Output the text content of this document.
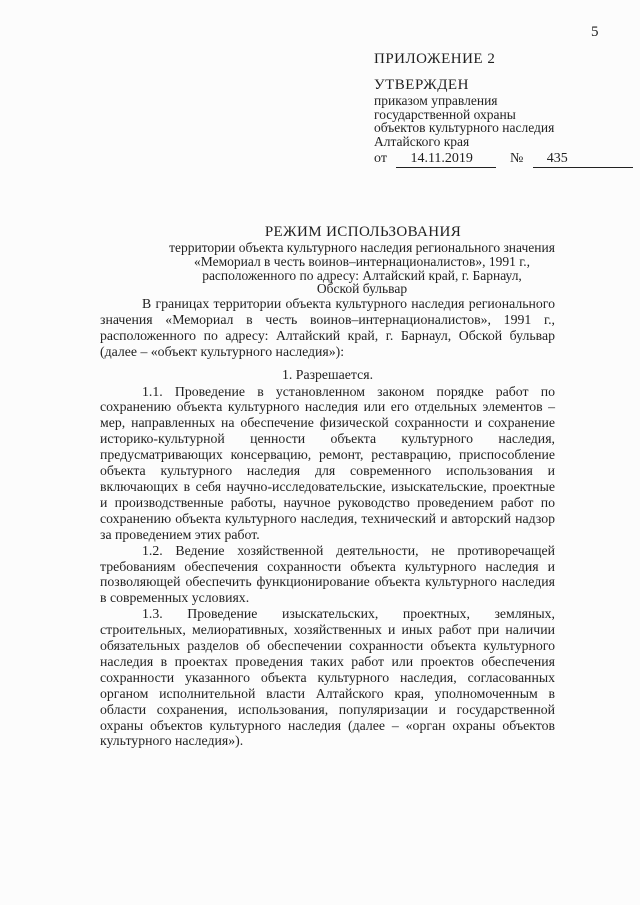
5
ПРИЛОЖЕНИЕ 2
УТВЕРЖДЕН
приказом управления
государственной охраны
объектов культурного наследия
Алтайского края
от 14.11.2019	№ 435
РЕЖИМ ИСПОЛЬЗОВАНИЯ
территории объекта культурного наследия регионального значения
«Мемориал в честь воинов–интернационалистов», 1991 г.,
расположенного по адресу: Алтайский край, г. Барнаул,
Обской бульвар

В границах территории объекта культурного наследия регионального значения «Мемориал в честь воинов–интернационалистов», 1991 г., расположенного по адресу: Алтайский край, г. Барнаул, Обской бульвар (далее – «объект культурного наследия»):

1. Разрешается.

1.1. Проведение в установленном законом порядке работ по сохранению объекта культурного наследия или его отдельных элементов – мер, направленных на обеспечение физической сохранности и сохранение историко-культурной ценности объекта культурного наследия, предусматривающих консервацию, ремонт, реставрацию, приспособление объекта культурного наследия для современного использования и включающих в себя научно-исследовательские, изыскательские, проектные и производственные работы, научное руководство проведением работ по сохранению объекта культурного наследия, технический и авторский надзор за проведением этих работ.

1.2. Ведение хозяйственной деятельности, не противоречащей требованиям обеспечения сохранности объекта культурного наследия и позволяющей обеспечить функционирование объекта культурного наследия в современных условиях.

1.3. Проведение изыскательских, проектных, земляных, строительных, мелиоративных, хозяйственных и иных работ при наличии обязательных разделов об обеспечении сохранности объекта культурного наследия в проектах проведения таких работ или проектов обеспечения сохранности указанного объекта культурного наследия, согласованных органом исполнительной власти Алтайского края, уполномоченным в области сохранения, использования, популяризации и государственной охраны объектов культурного наследия (далее – «орган охраны объектов культурного наследия»).
